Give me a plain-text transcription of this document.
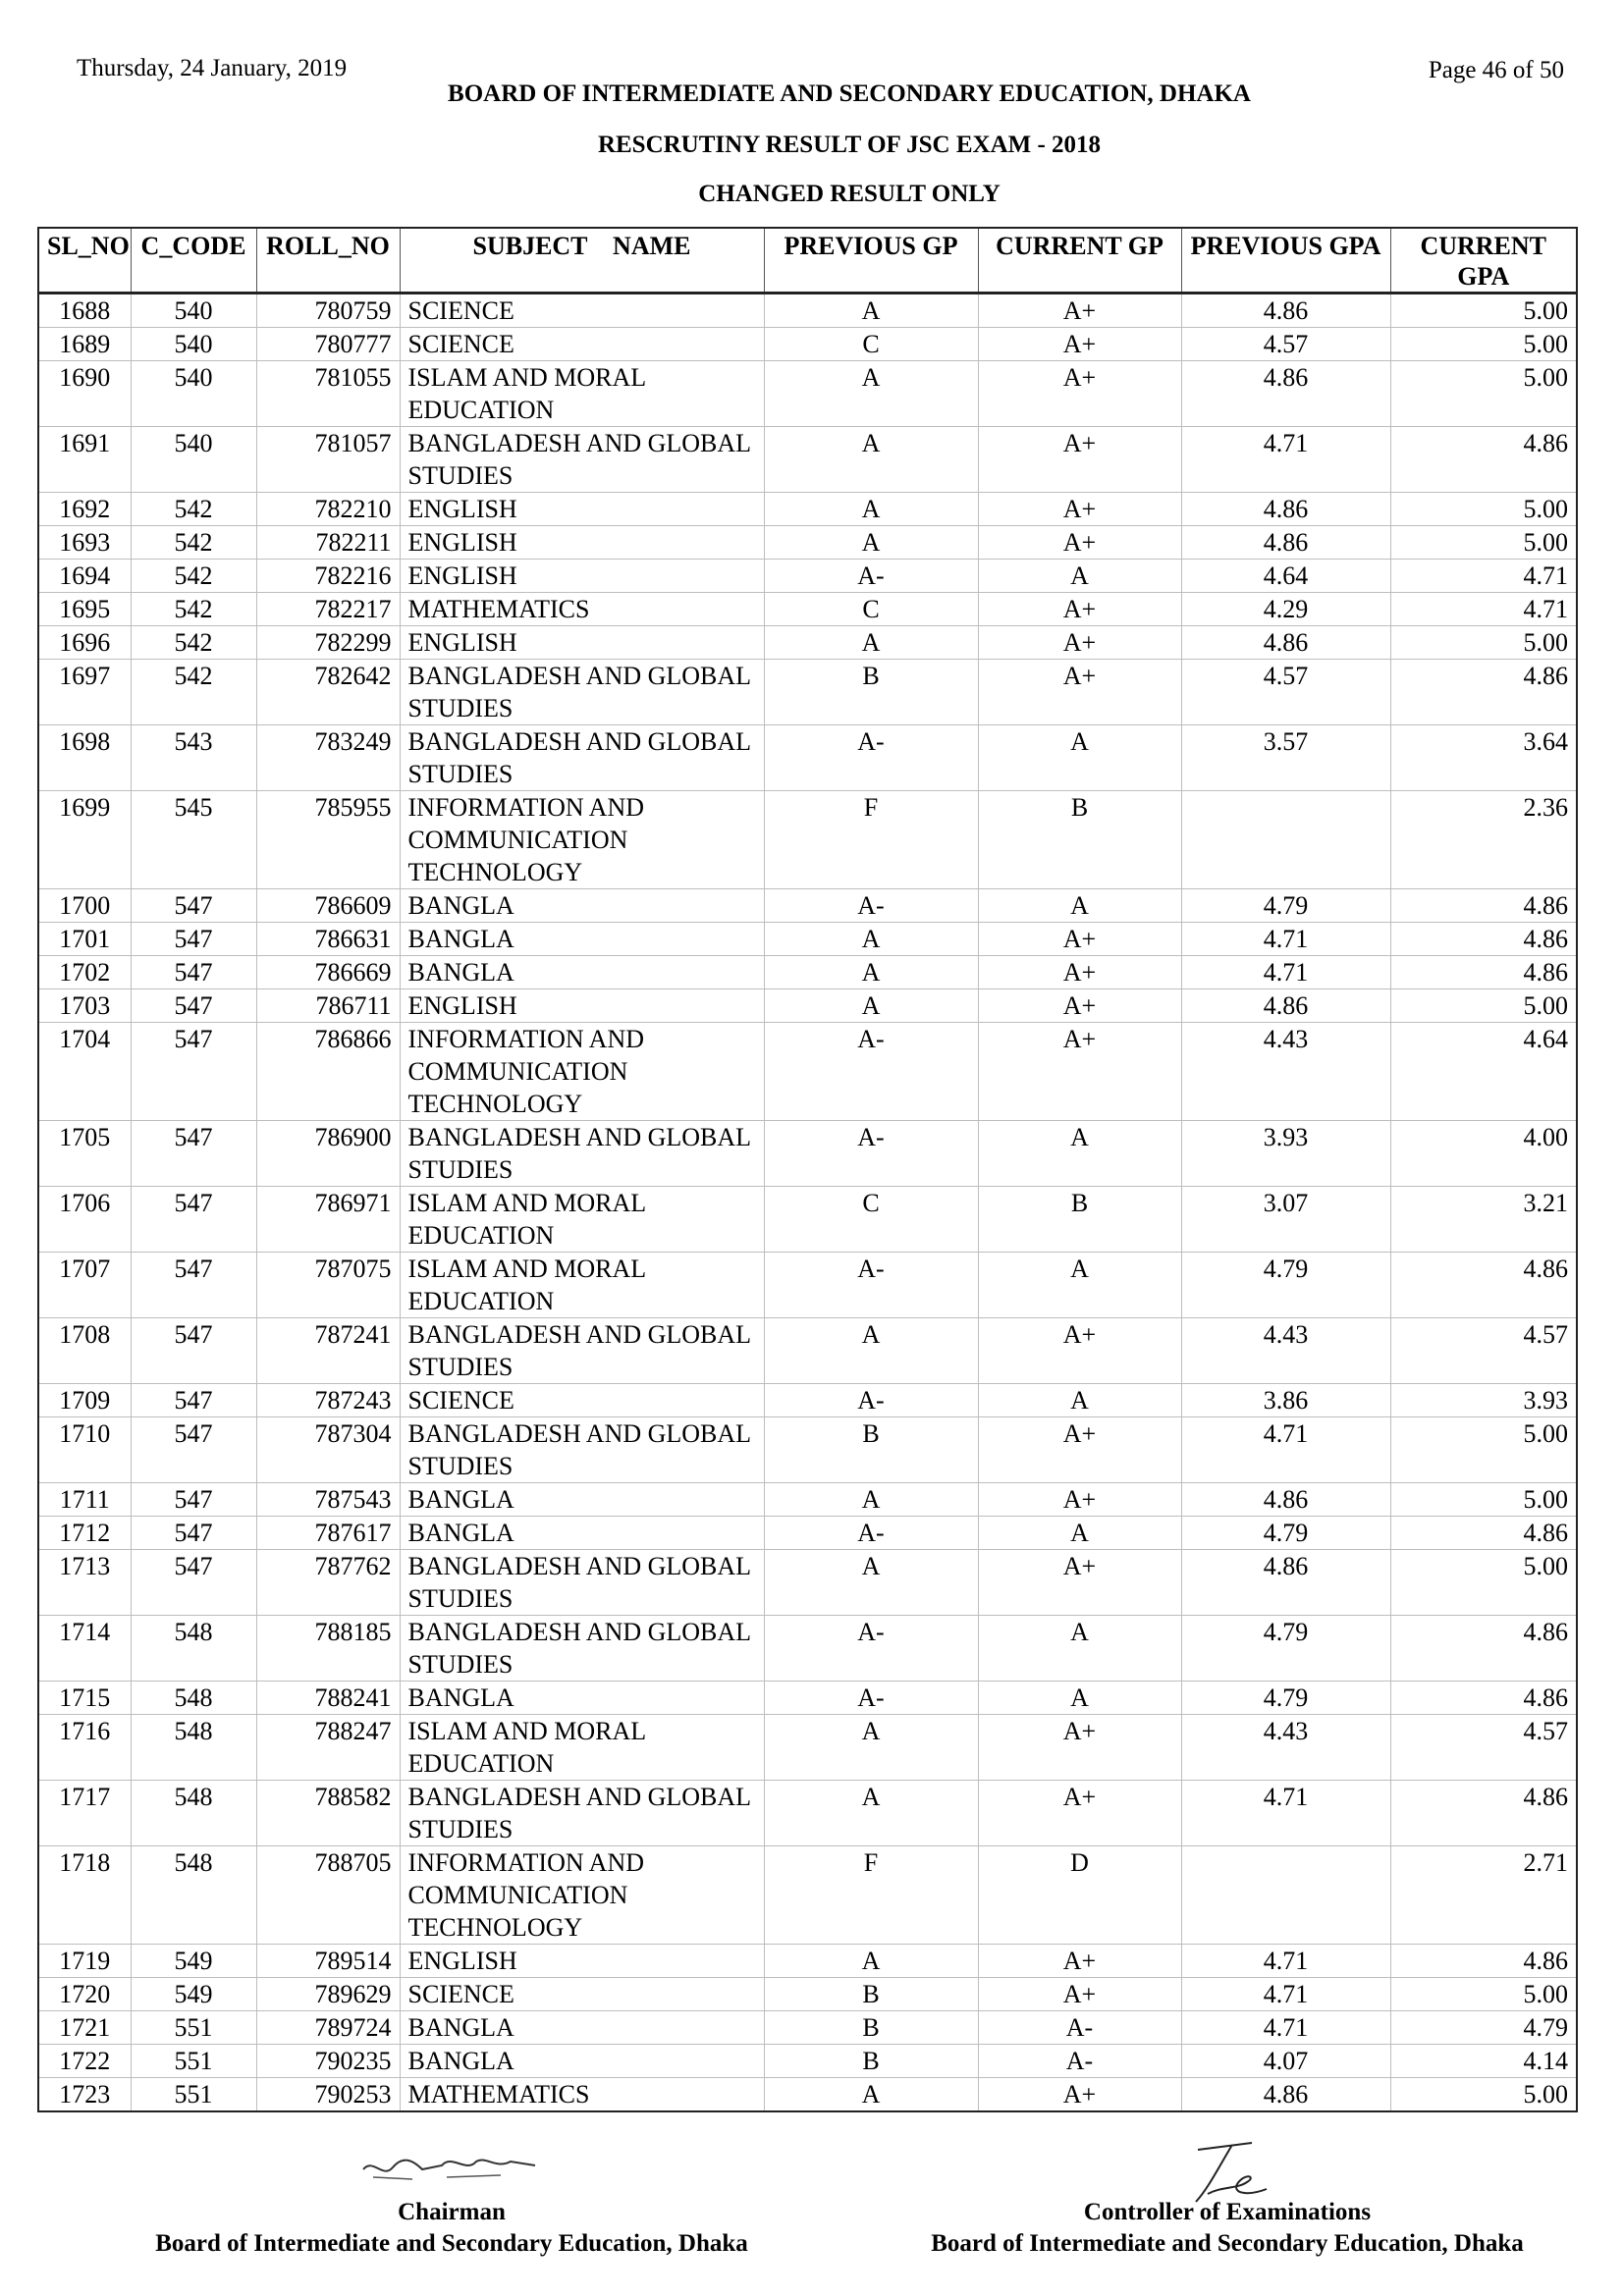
Thursday, 24 January, 2019	Page 46 of 50
BOARD OF INTERMEDIATE AND SECONDARY EDUCATION, DHAKA
RESCRUTINY RESULT OF JSC EXAM - 2018
CHANGED RESULT ONLY
SL_NO	C_CODE	ROLL_NO	SUBJECT    NAME	PREVIOUS GP	CURRENT GP	PREVIOUS GPA	CURRENT GPA
1688	540	780759	SCIENCE	A	A+	4.86	5.00
1689	540	780777	SCIENCE	C	A+	4.57	5.00
1690	540	781055	ISLAM AND MORAL EDUCATION	A	A+	4.86	5.00
1691	540	781057	BANGLADESH AND GLOBAL STUDIES	A	A+	4.71	4.86
1692	542	782210	ENGLISH	A	A+	4.86	5.00
1693	542	782211	ENGLISH	A	A+	4.86	5.00
1694	542	782216	ENGLISH	A-	A	4.64	4.71
1695	542	782217	MATHEMATICS	C	A+	4.29	4.71
1696	542	782299	ENGLISH	A	A+	4.86	5.00
1697	542	782642	BANGLADESH AND GLOBAL STUDIES	B	A+	4.57	4.86
1698	543	783249	BANGLADESH AND GLOBAL STUDIES	A-	A	3.57	3.64
1699	545	785955	INFORMATION AND COMMUNICATION TECHNOLOGY	F	B		2.36
1700	547	786609	BANGLA	A-	A	4.79	4.86
1701	547	786631	BANGLA	A	A+	4.71	4.86
1702	547	786669	BANGLA	A	A+	4.71	4.86
1703	547	786711	ENGLISH	A	A+	4.86	5.00
1704	547	786866	INFORMATION AND COMMUNICATION TECHNOLOGY	A-	A+	4.43	4.64
1705	547	786900	BANGLADESH AND GLOBAL STUDIES	A-	A	3.93	4.00
1706	547	786971	ISLAM AND MORAL EDUCATION	C	B	3.07	3.21
1707	547	787075	ISLAM AND MORAL EDUCATION	A-	A	4.79	4.86
1708	547	787241	BANGLADESH AND GLOBAL STUDIES	A	A+	4.43	4.57
1709	547	787243	SCIENCE	A-	A	3.86	3.93
1710	547	787304	BANGLADESH AND GLOBAL STUDIES	B	A+	4.71	5.00
1711	547	787543	BANGLA	A	A+	4.86	5.00
1712	547	787617	BANGLA	A-	A	4.79	4.86
1713	547	787762	BANGLADESH AND GLOBAL STUDIES	A	A+	4.86	5.00
1714	548	788185	BANGLADESH AND GLOBAL STUDIES	A-	A	4.79	4.86
1715	548	788241	BANGLA	A-	A	4.79	4.86
1716	548	788247	ISLAM AND MORAL EDUCATION	A	A+	4.43	4.57
1717	548	788582	BANGLADESH AND GLOBAL STUDIES	A	A+	4.71	4.86
1718	548	788705	INFORMATION AND COMMUNICATION TECHNOLOGY	F	D		2.71
1719	549	789514	ENGLISH	A	A+	4.71	4.86
1720	549	789629	SCIENCE	B	A+	4.71	5.00
1721	551	789724	BANGLA	B	A-	4.71	4.79
1722	551	790235	BANGLA	B	A-	4.07	4.14
1723	551	790253	MATHEMATICS	A	A+	4.86	5.00
Chairman
Board of Intermediate and Secondary Education, Dhaka
Controller of Examinations
Board of Intermediate and Secondary Education, Dhaka
